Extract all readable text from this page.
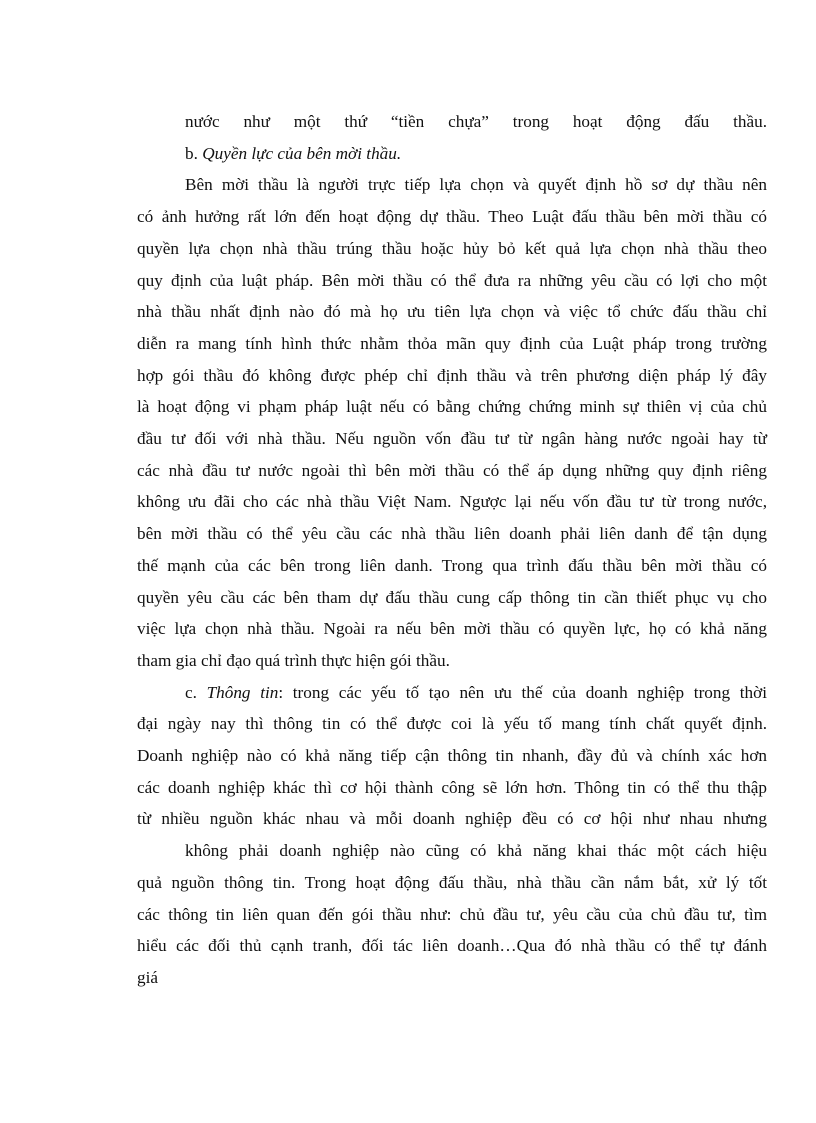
nước như một thứ “tiền chựa” trong hoạt động đấu thầu.
b. Quyền lực của bên mời thầu.
Bên mời thầu là người trực tiếp lựa chọn và quyết định hồ sơ dự thầu nên
có ảnh hưởng rất lớn đến hoạt động dự thầu. Theo Luật đấu thầu bên mời thầu có
quyền lựa chọn nhà thầu trúng thầu hoặc hủy bỏ kết quả lựa chọn nhà thầu theo
quy định của luật pháp. Bên mời thầu có thể đưa ra những yêu cầu có lợi cho một
nhà thầu nhất định nào đó mà họ ưu tiên lựa chọn và việc tổ chức đấu thầu chỉ
diễn ra mang tính hình thức nhằm thỏa mãn quy định của Luật pháp trong trường
hợp gói thầu đó không được phép chỉ định thầu và trên phương diện pháp lý đây
là hoạt động vi phạm pháp luật nếu có bằng chứng chứng minh sự thiên vị của chủ
đầu tư đối với nhà thầu. Nếu nguồn vốn đầu tư từ ngân hàng nước ngoài hay từ
các nhà đầu tư nước ngoài thì bên mời thầu có thể áp dụng những quy định riêng
không ưu đãi cho các nhà thầu Việt Nam. Ngược lại nếu vốn đầu tư từ trong nước,
bên mời thầu có thể yêu cầu các nhà thầu liên doanh phải liên danh để tận dụng
thế mạnh của các bên trong liên danh. Trong qua trình đấu thầu bên mời thầu có
quyền yêu cầu các bên tham dự đấu thầu cung cấp thông tin cần thiết phục vụ cho
việc lựa chọn nhà thầu. Ngoài ra nếu bên mời thầu có quyền lực, họ có khả năng
tham gia chỉ đạo quá trình thực hiện gói thầu.
c. Thông tin: trong các yếu tố tạo nên ưu thế của doanh nghiệp trong thời
đại ngày nay thì thông tin có thể được coi là yếu tố mang tính chất quyết định.
Doanh nghiệp nào có khả năng tiếp cận thông tin nhanh, đầy đủ và chính xác hơn
các doanh nghiệp khác thì cơ hội thành công sẽ lớn hơn. Thông tin có thể thu thập
từ nhiều nguồn khác nhau và mỗi doanh nghiệp đều có cơ hội như nhau nhưng
không phải doanh nghiệp nào cũng có khả năng khai thác một cách hiệu
quả nguồn thông tin. Trong hoạt động đấu thầu, nhà thầu cần nắm bắt, xử lý tốt
các thông tin liên quan đến gói thầu như: chủ đầu tư, yêu cầu của chủ đầu tư, tìm
hiểu các đối thủ cạnh tranh, đối tác liên doanh…Qua đó nhà thầu có thể tự đánh
giá
